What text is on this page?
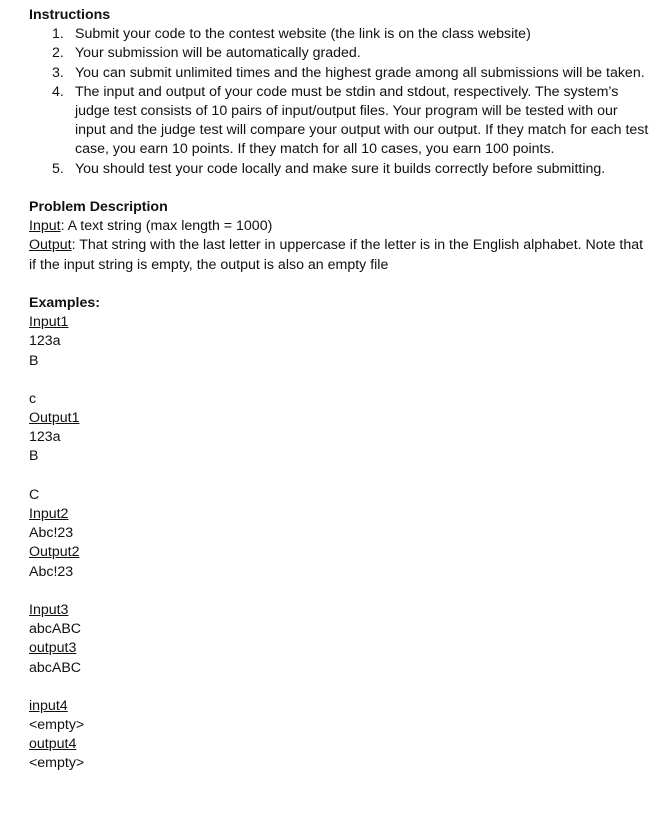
Instructions
1. Submit your code to the contest website (the link is on the class website)
2. Your submission will be automatically graded.
3. You can submit unlimited times and the highest grade among all submissions will be taken.
4. The input and output of your code must be stdin and stdout, respectively. The system’s judge test consists of 10 pairs of input/output files. Your program will be tested with our input and the judge test will compare your output with our output. If they match for each test case, you earn 10 points. If they match for all 10 cases, you earn 100 points.
5. You should test your code locally and make sure it builds correctly before submitting.
Problem Description
Input: A text string (max length = 1000)
Output: That string with the last letter in uppercase if the letter is in the English alphabet. Note that if the input string is empty, the output is also an empty file
Examples:
Input1
123a
B
c
Output1
123a
B
C
Input2
Abc!23
Output2
Abc!23
Input3
abcABC
output3
abcABC
input4
<empty>
output4
<empty>
